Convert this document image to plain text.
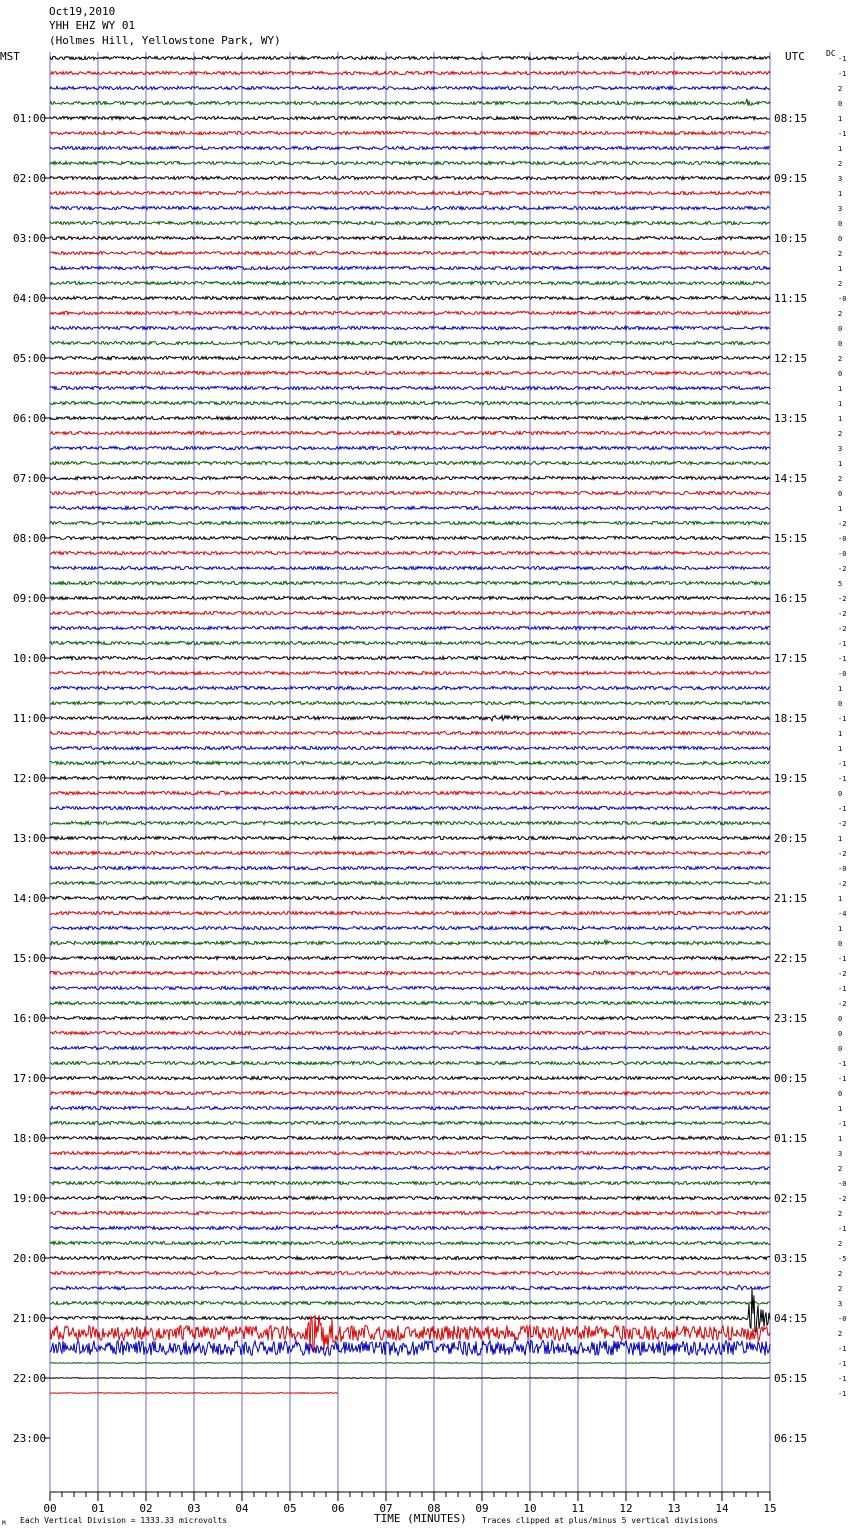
Oct19,2010
YHH EHZ WY 01
(Holmes Hill, Yellowstone Park, WY)
MST	UTC	DC
01:00
02:00
03:00
04:00
05:00
06:00
07:00
08:00
09:00
10:00
11:00
12:00
13:00
14:00
15:00
16:00
17:00
18:00
19:00
20:00
21:00
22:00
23:00
08:15
09:15
10:15
11:15
12:15
13:15
14:15
15:15
16:15
17:15
18:15
19:15
20:15
21:15
22:15
23:15
00:15
01:15
02:15
03:15
04:15
05:15
06:15
-1
-1
2
0
1
-1
1
2
3
1
3
0
0
2
1
2
-0
2
0
0
2
0
1
1
1
2
3
1
2
0
1
-2
-0
-0
-2
5
-2
-2
-2
-1
-1
-0
1
0
-1
1
1
-1
-1
0
-1
-2
1
-2
-0
-2
1
-4
1
0
-1
-2
-1
-2
0
0
0
-1
-1
0
1
-1
1
3
2
-0
-2
2
-1
2
-5
2
2
3
-0
2
-1
-1
-1
-1
00	01	02	03	04	05	06	07	08	09	10	11	12	13	14	15
TIME (MINUTES)
Each Vertical Division = 1333.33 microvolts	Traces clipped at plus/minus 5 vertical divisions
M
